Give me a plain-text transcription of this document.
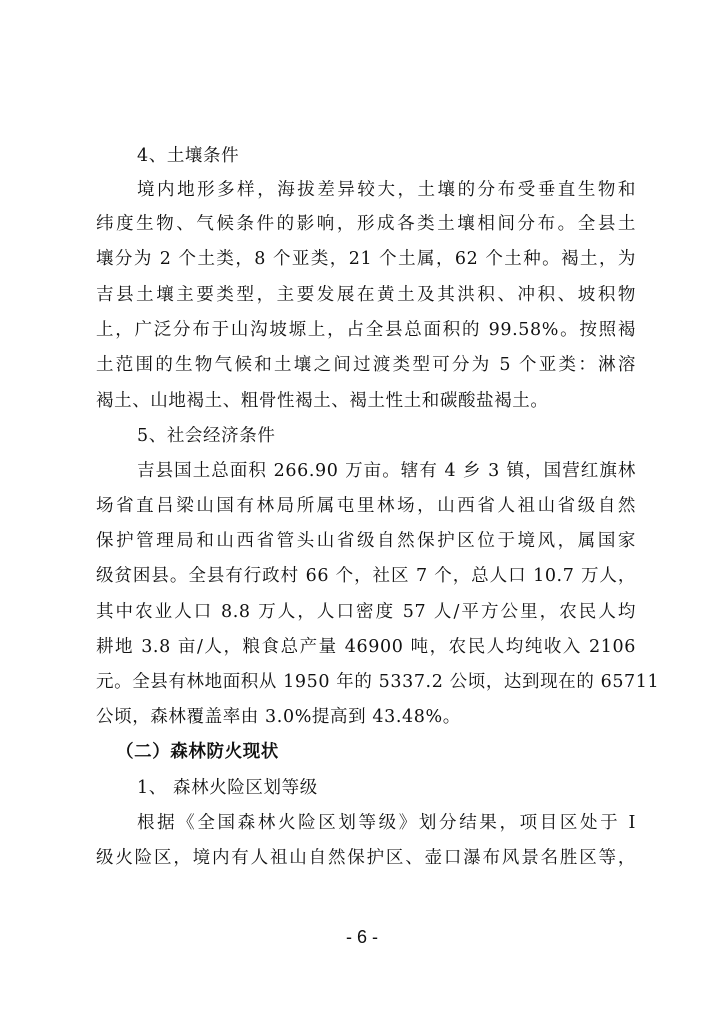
4、土壤条件
境内地形多样，海拔差异较大，土壤的分布受垂直生物和
纬度生物、气候条件的影响，形成各类土壤相间分布。全县土
壤分为 2 个土类，8 个亚类，21 个土属，62 个土种。褐土，为
吉县土壤主要类型，主要发展在黄土及其洪积、冲积、坡积物
上，广泛分布于山沟坡塬上，占全县总面积的 99.58%。按照褐
土范围的生物气候和土壤之间过渡类型可分为 5 个亚类：淋溶
褐土、山地褐土、粗骨性褐土、褐土性土和碳酸盐褐土。
5、社会经济条件
吉县国土总面积 266.90 万亩。辖有 4 乡 3 镇，国营红旗林
场省直吕梁山国有林局所属屯里林场，山西省人祖山省级自然
保护管理局和山西省管头山省级自然保护区位于境风，属国家
级贫困县。全县有行政村 66 个，社区 7 个，总人口 10.7 万人，
其中农业人口 8.8 万人，人口密度 57 人/平方公里，农民人均
耕地 3.8 亩/人，粮食总产量 46900 吨，农民人均纯收入 2106
元。全县有林地面积从 1950 年的 5337.2 公顷，达到现在的 65711
公顷，森林覆盖率由 3.0%提高到 43.48%。
（二）森林防火现状
1、 森林火险区划等级
根据《全国森林火险区划等级》划分结果，项目区处于 I
级火险区，境内有人祖山自然保护区、壶口瀑布风景名胜区等，
- 6 -
